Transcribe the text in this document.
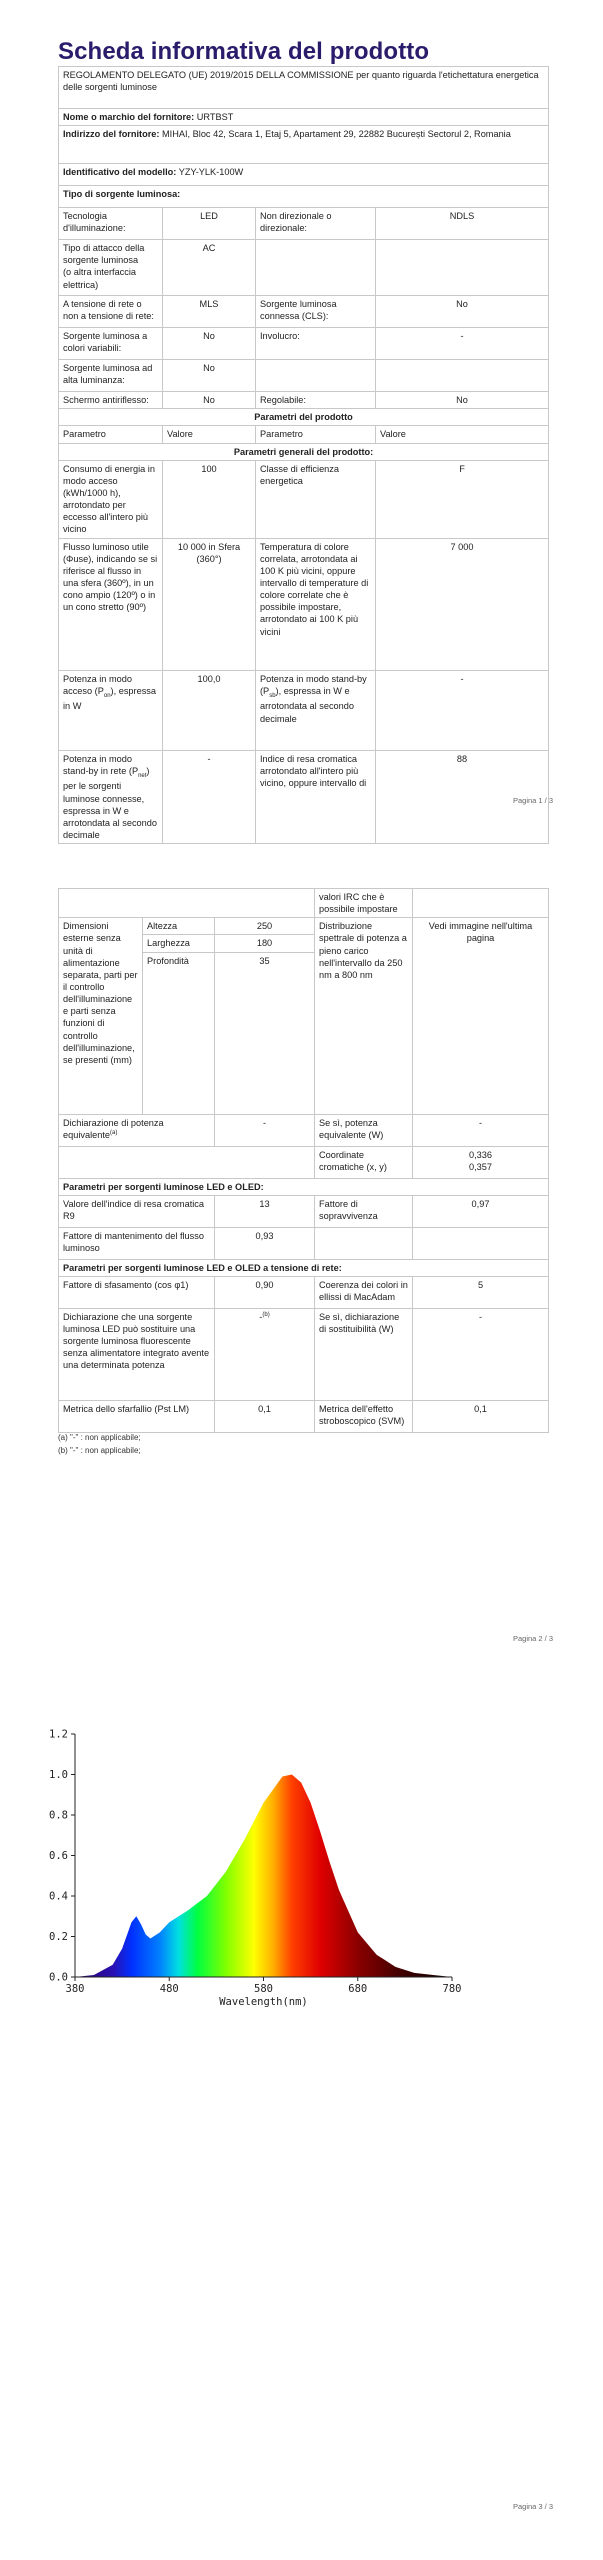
Scheda informativa del prodotto
REGOLAMENTO DELEGATO (UE) 2019/2015 DELLA COMMISSIONE per quanto riguarda l'etichettatura energetica delle sorgenti luminose			
Nome o marchio del fornitore: URTBST			
Indirizzo del fornitore: MIHAI, Bloc 42, Scara 1, Etaj 5, Apartament 29, 22882 București Sectorul 2, Romania			
Identificativo del modello: YZY-YLK-100W			
Tipo di sorgente luminosa:			
Tecnologia d'illuminazione:	LED	Non direzionale o direzionale:	NDLS
Tipo di attacco della sorgente luminosa
(o altra interfaccia elettrica)	AC		
A tensione di rete o non a tensione di rete:	MLS	Sorgente luminosa connessa (CLS):	No
Sorgente luminosa a colori variabili:	No	Involucro:	-
Sorgente luminosa ad alta luminanza:	No		
Schermo antiriflesso:	No	Regolabile:	No
Parametri del prodotto			
Parametro	Valore	Parametro	Valore
Parametri generali del prodotto:			
Consumo di energia in modo acceso (kWh/1000 h), arrotondato per eccesso all'intero più vicino	100	Classe di efficienza energetica	F
Flusso luminoso utile (Φuse), indicando se si riferisce al flusso in una sfera (360º), in un cono ampio (120º) o in un cono stretto (90º)	10 000 in Sfera (360°)	Temperatura di colore correlata, arrotondata ai 100 K più vicini, oppure intervallo di temperature di colore correlate che è possibile impostare, arrotondato ai 100 K più vicini	7 000
Potenza in modo acceso $(P_{on})$, espressa in W	100,0	Potenza in modo stand-by $(P_{sb})$, espressa in W e arrotondata al secondo decimale	-
Potenza in modo stand-by in rete $(P_{net})$ per le sorgenti luminose connesse, espressa in W e arrotondata al secondo decimale	-	Indice di resa cromatica arrotondato all'intero più vicino, oppure intervallo di	88
Pagina 1 / 3
			valori IRC che è possibile impostare	
Dimensioni esterne senza unità di alimentazione separata, parti per il controllo dell'illuminazione e parti senza funzioni di controllo dell'illuminazione, se presenti (mm)	Altezza	250	Distribuzione spettrale di potenza a pieno carico nell'intervallo da 250 nm a 800 nm	Vedi immagine nell'ultima pagina
	Larghezza	180		
	Profondità	35		
Dichiarazione di potenza equivalente$^{(a)}$		-	Se sì, potenza equivalente (W)	-
			Coordinate cromatiche (x, y)	0,336
0,357

Parametri per sorgenti luminose LED e OLED:				
Valore dell'indice di resa cromatica R9		13	Fattore di sopravvivenza	0,97
Fattore di mantenimento del flusso luminoso		0,93		
Parametri per sorgenti luminose LED e OLED a tensione di rete:				
Fattore di sfasamento (cos φ1)		0,90	Coerenza dei colori in ellissi di MacAdam	5
Dichiarazione che una sorgente luminosa LED può sostituire una sorgente luminosa fluorescente senza alimentatore integrato avente una determinata potenza		-$^{(b)}$	Se sì, dichiarazione di sostituibilità (W)	-
Metrica dello sfarfallio (Pst LM)		0,1	Metrica dell'effetto stroboscopico (SVM)	0,1
(a) "-" : non applicabile;
(b) "-" : non applicabile;
Pagina 2 / 3
380	480	580	680	780
0.0
0.2
0.4
0.6
0.8
1.0
1.2
Wavelength(nm)
Pagina 3 / 3
